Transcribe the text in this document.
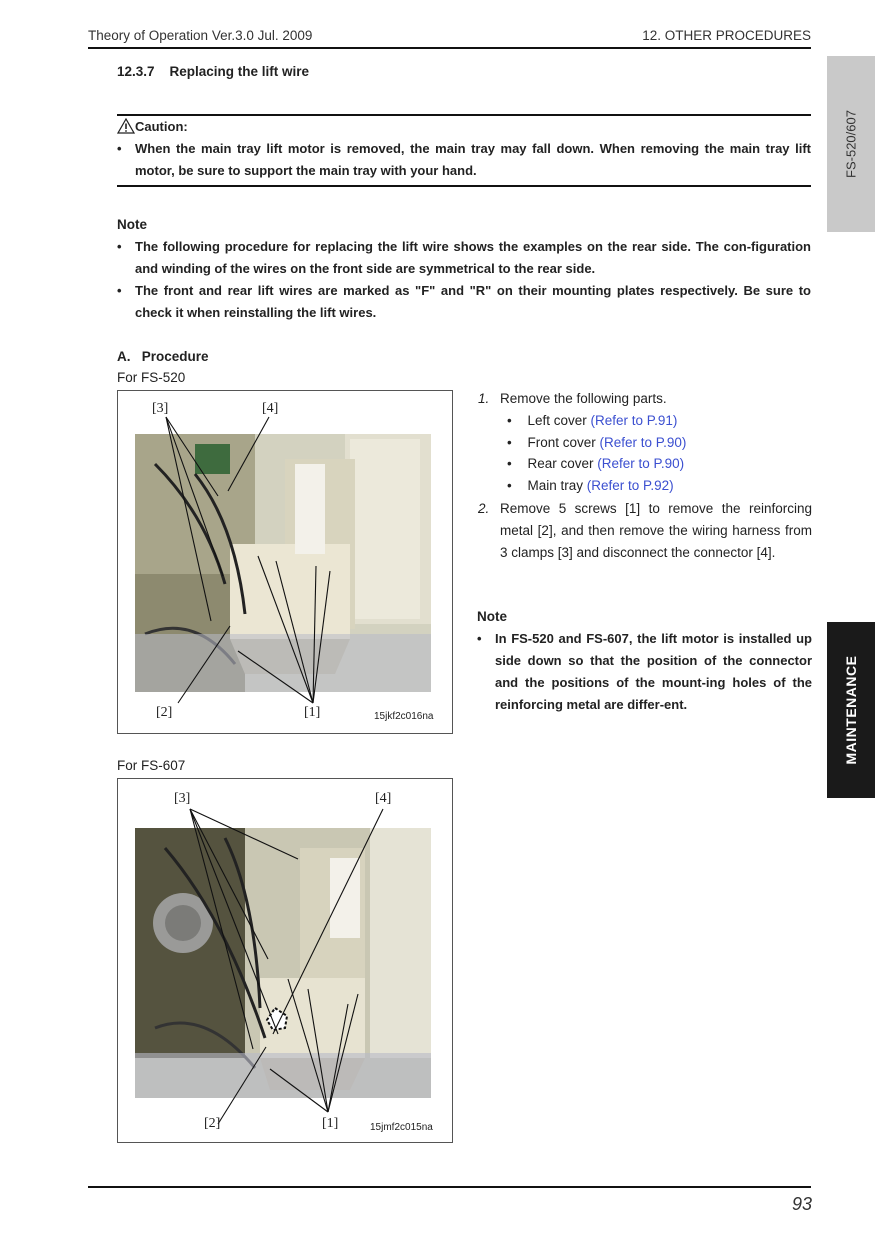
Theory of Operation Ver.3.0 Jul. 2009	12. OTHER PROCEDURES
FS-520/607
MAINTENANCE
12.3.7    Replacing the lift wire
Caution:
•	When the main tray lift motor is removed, the main tray may fall down. When removing the main tray lift motor, be sure to support the main tray with your hand.
Note
•	The following procedure for replacing the lift wire shows the examples on the rear side. The con-figuration and winding of the wires on the front side are symmetrical to the rear side.
•	The front and rear lift wires are marked as "F" and "R" on their mounting plates respectively. Be sure to check it when reinstalling the lift wires.
A.   Procedure
For FS-520
[3]	[4]
[2]	[1]	15jkf2c016na
1. Remove the following parts.
• Left cover (Refer to P.91)
• Front cover (Refer to P.90)
• Rear cover (Refer to P.90)
• Main tray (Refer to P.92)
2. Remove 5 screws [1] to remove the reinforcing metal [2], and then remove the wiring harness from 3 clamps [3] and disconnect the connector [4].
Note
•	In FS-520 and FS-607, the lift motor is installed up side down so that the position of the connector and the positions of the mount-ing holes of the reinforcing metal are differ-ent.
For FS-607
[3]	[4]
[2]	[1]	15jmf2c015na
93
